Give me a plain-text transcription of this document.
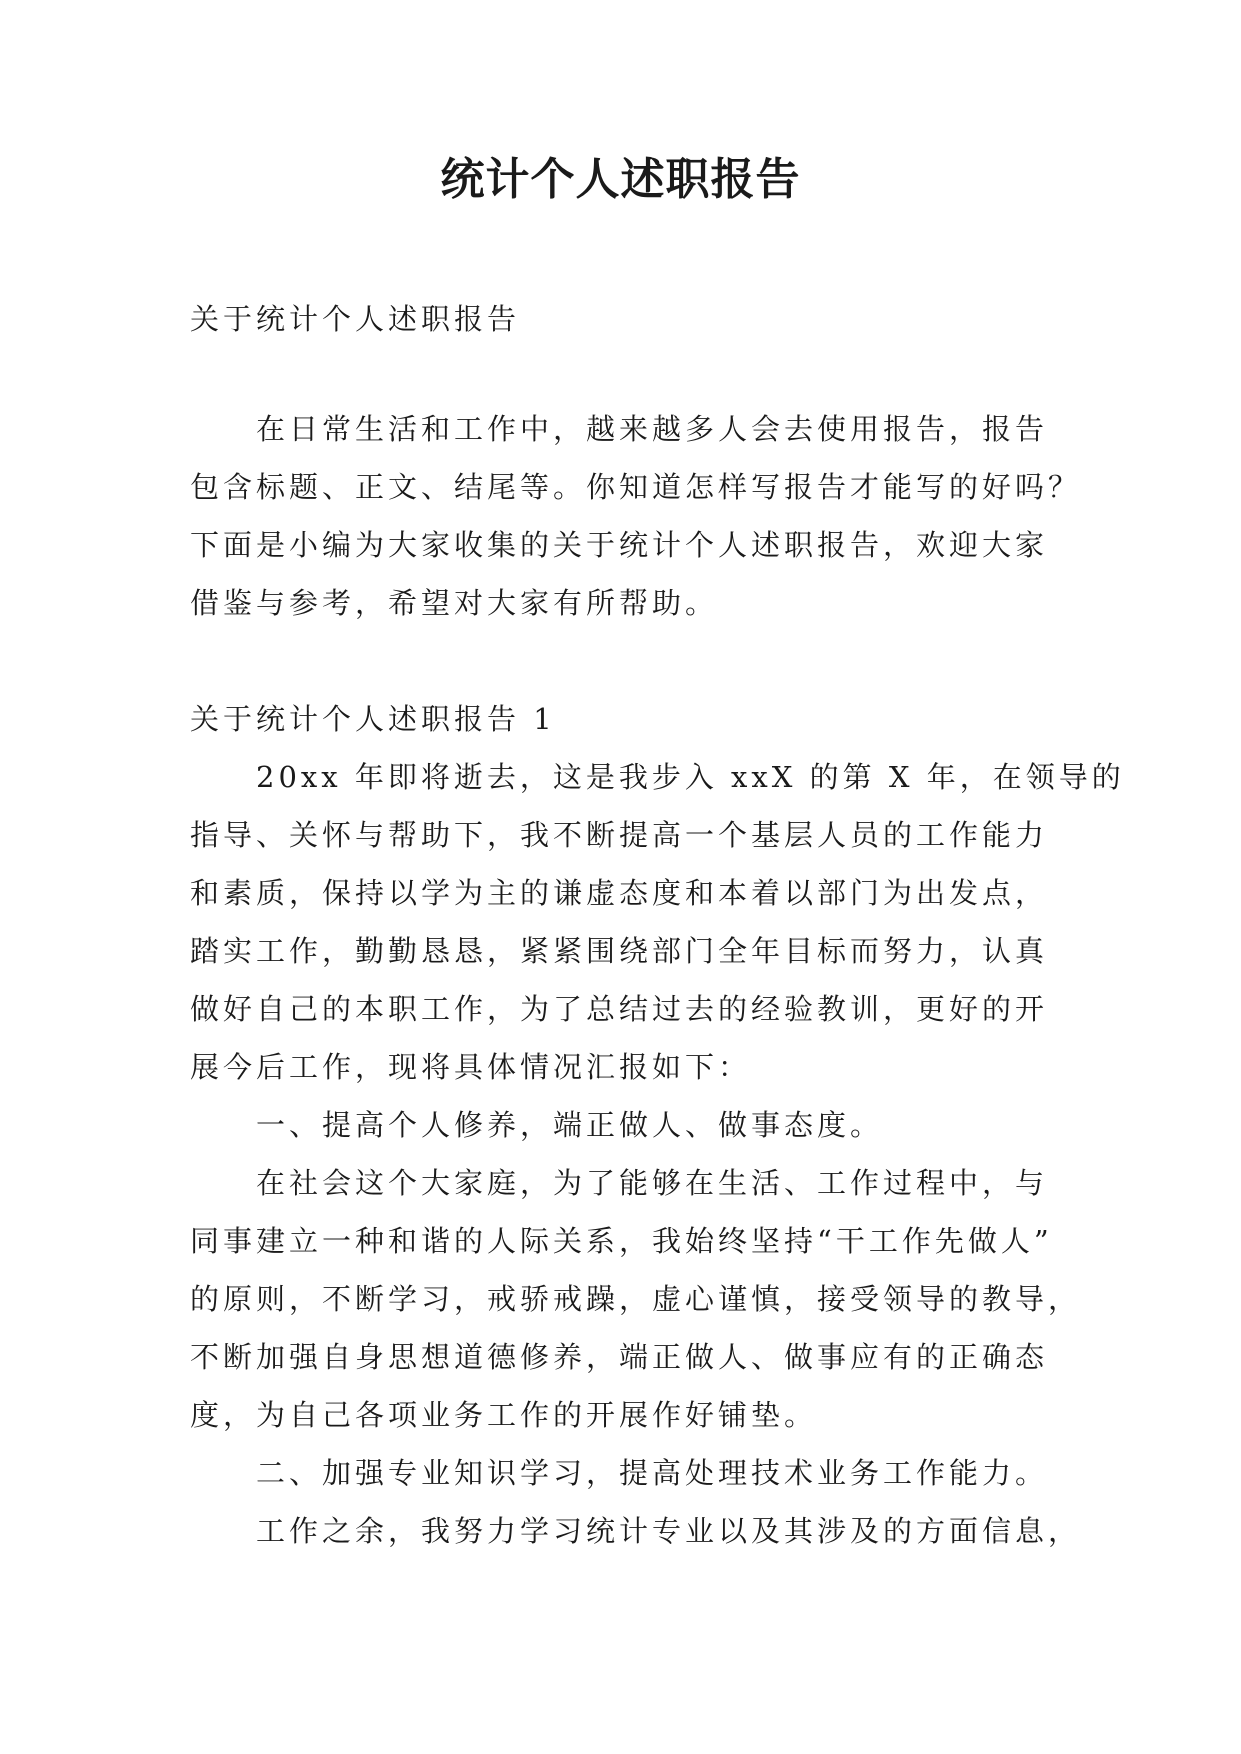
统计个人述职报告
关于统计个人述职报告
　　在日常生活和工作中，越来越多人会去使用报告，报告
包含标题、正文、结尾等。你知道怎样写报告才能写的好吗？
下面是小编为大家收集的关于统计个人述职报告，欢迎大家
借鉴与参考，希望对大家有所帮助。
关于统计个人述职报告 1
　　20xx 年即将逝去，这是我步入 xxX 的第 X 年，在领导的
指导、关怀与帮助下，我不断提高一个基层人员的工作能力
和素质，保持以学为主的谦虚态度和本着以部门为出发点，
踏实工作，勤勤恳恳，紧紧围绕部门全年目标而努力，认真
做好自己的本职工作，为了总结过去的经验教训，更好的开
展今后工作，现将具体情况汇报如下：
　　一、提高个人修养，端正做人、做事态度。
　　在社会这个大家庭，为了能够在生活、工作过程中，与
同事建立一种和谐的人际关系，我始终坚持“干工作先做人”
的原则，不断学习，戒骄戒躁，虚心谨慎，接受领导的教导，
不断加强自身思想道德修养，端正做人、做事应有的正确态
度，为自己各项业务工作的开展作好铺垫。
　　二、加强专业知识学习，提高处理技术业务工作能力。
　　工作之余，我努力学习统计专业以及其涉及的方面信息，
